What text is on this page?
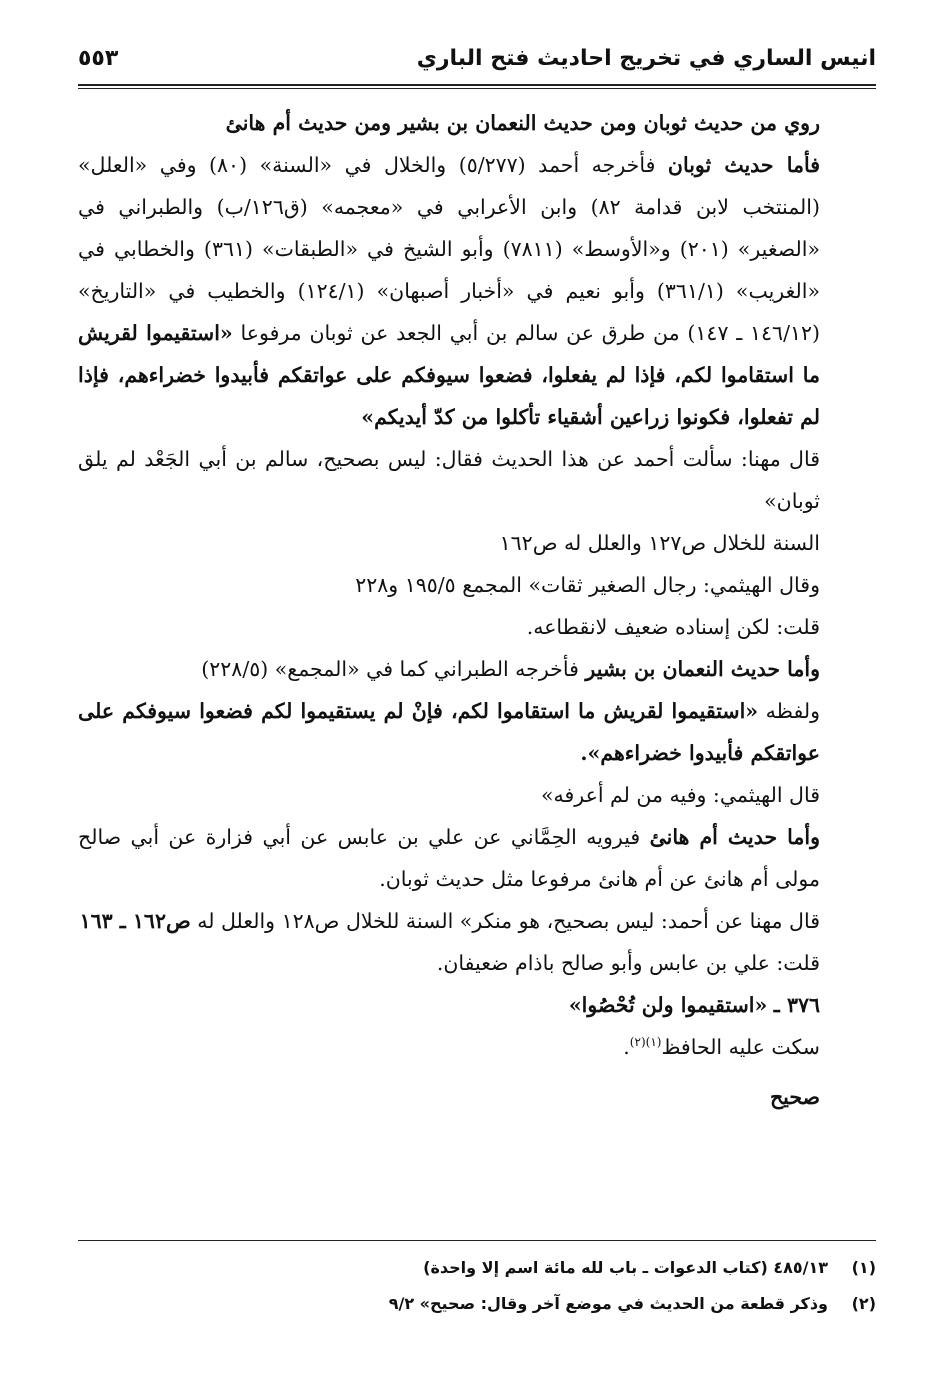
انيس الساري في تخريج احاديث فتح الباري
٥٥٣

روي من حديث ثوبان ومن حديث النعمان بن بشير ومن حديث أم هانئ

فأما حديث ثوبان فأخرجه أحمد (٥/٢٧٧) والخلال في «السنة» (٨٠) وفي «العلل» (المنتخب لابن قدامة ٨٢) وابن الأعرابي في «معجمه» (ق١٢٦/ب) والطبراني في «الصغير» (٢٠١) و«الأوسط» (٧٨١١) وأبو الشيخ في «الطبقات» (٣٦١) والخطابي في «الغريب» (٣٦١/١) وأبو نعيم في «أخبار أصبهان» (١٢٤/١) والخطيب في «التاريخ» (١٤٦/١٢ ـ ١٤٧) من طرق عن سالم بن أبي الجعد عن ثوبان مرفوعا «استقيموا لقريش ما استقاموا لكم، فإذا لم يفعلوا، فضعوا سيوفكم على عواتقكم فأبيدوا خضراءهم، فإذا لم تفعلوا، فكونوا زراعين أشقياء تأكلوا من كدّ أيديكم»

قال مهنا: سألت أحمد عن هذا الحديث فقال: ليس بصحيح، سالم بن أبي الجَعْد لم يلق ثوبان»

السنة للخلال ص١٢٧ والعلل له ص١٦٢

وقال الهيثمي: رجال الصغير ثقات» المجمع ١٩٥/٥ و٢٢٨

قلت: لكن إسناده ضعيف لانقطاعه.

وأما حديث النعمان بن بشير فأخرجه الطبراني كما في «المجمع» (٢٢٨/٥)

ولفظه «استقيموا لقريش ما استقاموا لكم، فإنْ لم يستقيموا لكم فضعوا سيوفكم على عواتقكم فأبيدوا خضراءهم».

قال الهيثمي: وفيه من لم أعرفه»

وأما حديث أم هانئ فيرويه الحِمَّاني عن علي بن عابس عن أبي فزارة عن أبي صالح مولى أم هانئ عن أم هانئ مرفوعا مثل حديث ثوبان.

قال مهنا عن أحمد: ليس بصحيح، هو منكر» السنة للخلال ص١٢٨ والعلل له ص١٦٢ ـ ١٦٣

قلت: علي بن عابس وأبو صالح باذام ضعيفان.

٣٧٦ ـ «استقيموا ولن تُحْصُوا»

سكت عليه الحافظ$^{(١)(٢)}$.

صحيح

(١)
٤٨٥/١٣ (كتاب الدعوات ـ باب لله مائة اسم إلا واحدة)
(٢)
وذكر قطعة من الحديث في موضع آخر وقال: صحيح» ٩/٢
